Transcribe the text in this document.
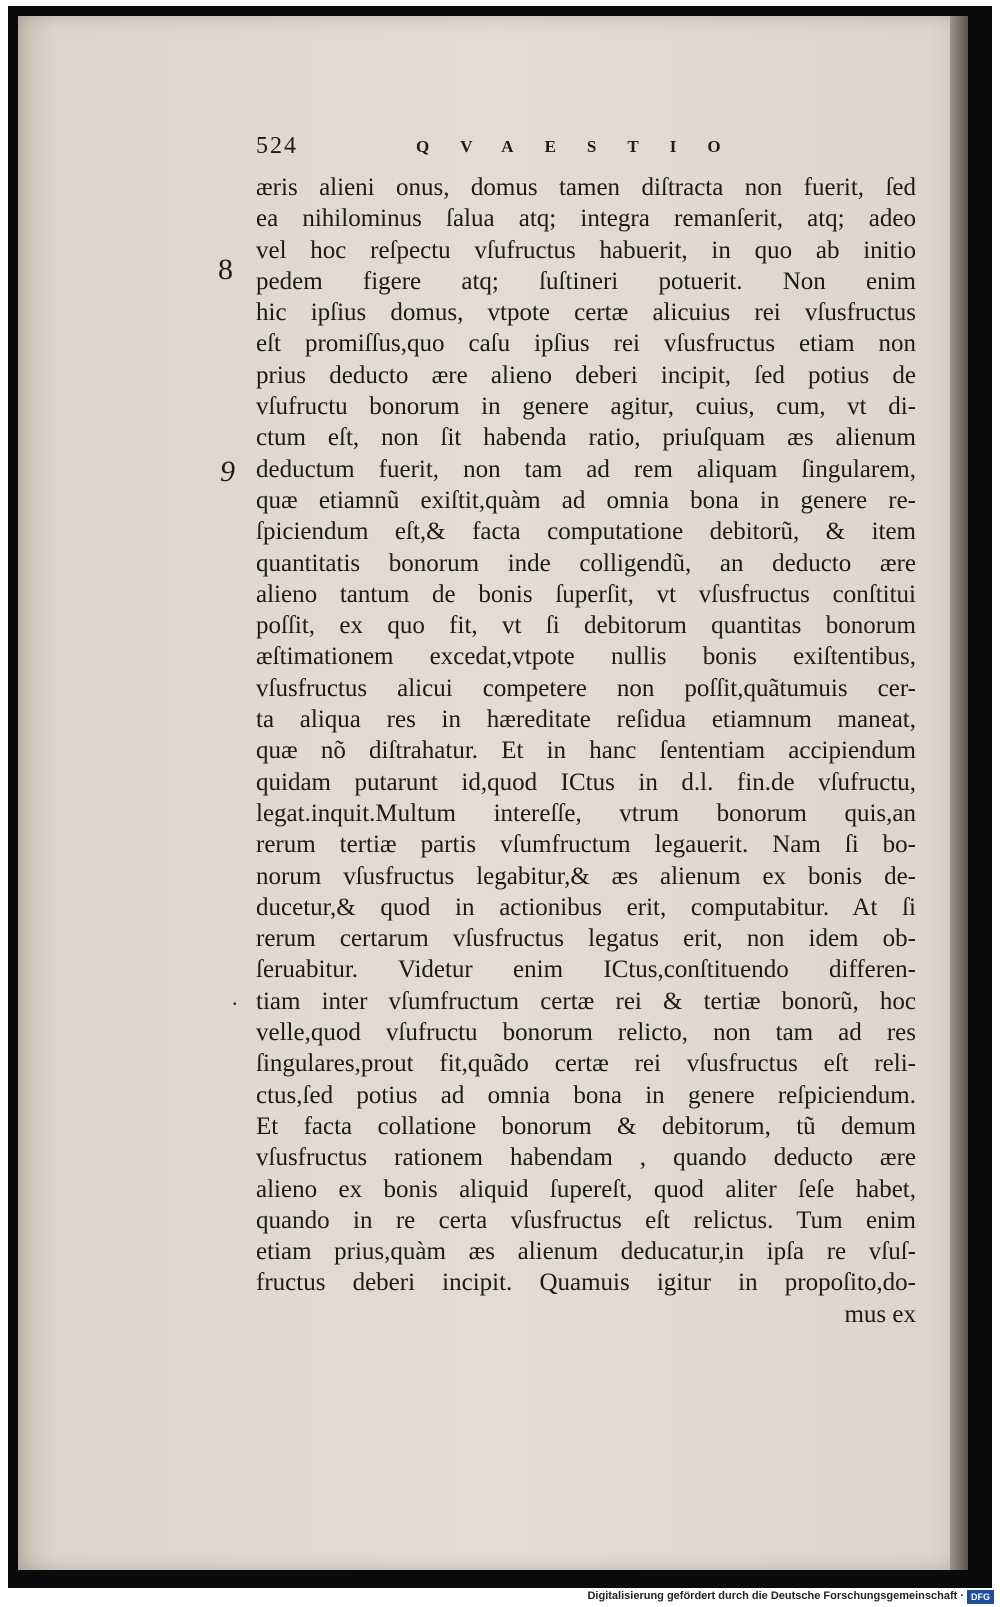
524	QVAESTIO
8
9
.
æris alieni onus, domus tamen diſtracta non fuerit, ſed
ea nihilominus ſalua atq; integra remanſerit, atq; adeo
vel hoc reſpectu vſufructus habuerit, in quo ab initio
pedem figere atq; ſuſtineri potuerit. Non enim
hic ipſius domus, vtpote certæ alicuius rei vſusfructus
eſt promiſſus,quo caſu ipſius rei vſusfructus etiam non
prius deducto ære alieno deberi incipit, ſed potius de
vſufructu bonorum in genere agitur, cuius, cum, vt di-
ctum eſt, non ſit habenda ratio, priuſquam æs alienum
deductum fuerit, non tam ad rem aliquam ſingularem,
quæ etiamnũ exiſtit,quàm ad omnia bona in genere re-
ſpiciendum eſt,& facta computatione debitorũ, & item
quantitatis bonorum inde colligendũ, an deducto ære
alieno tantum de bonis ſuperſit, vt vſusfructus conſtitui
poſſit, ex quo fit, vt ſi debitorum quantitas bonorum
æſtimationem excedat,vtpote nullis bonis exiſtentibus,
vſusfructus alicui competere non poſſit,quãtumuis cer-
ta aliqua res in hæreditate reſidua etiamnum maneat,
quæ nõ diſtrahatur. Et in hanc ſententiam accipiendum
quidam putarunt id,quod ICtus in d.l. fin.de vſufructu,
legat.inquit.Multum intereſſe, vtrum bonorum quis,an
rerum tertiæ partis vſumfructum legauerit. Nam ſi bo-
norum vſusfructus legabitur,& æs alienum ex bonis de-
ducetur,& quod in actionibus erit, computabitur. At ſi
rerum certarum vſusfructus legatus erit, non idem ob-
ſeruabitur. Videtur enim ICtus,conſtituendo differen-
tiam inter vſumfructum certæ rei & tertiæ bonorũ, hoc
velle,quod vſufructu bonorum relicto, non tam ad res
ſingulares,prout fit,quãdo certæ rei vſusfructus eſt reli-
ctus,ſed potius ad omnia bona in genere reſpiciendum.
Et facta collatione bonorum & debitorum, tũ demum
vſusfructus rationem habendam , quando deducto ære
alieno ex bonis aliquid ſupereſt, quod aliter ſeſe habet,
quando in re certa vſusfructus eſt relictus. Tum enim
etiam prius,quàm æs alienum deducatur,in ipſa re vſuſ-
fructus deberi incipit. Quamuis igitur in propoſito,do-
mus ex
Digitalisierung gefördert durch die Deutsche Forschungsgemeinschaft · DFG
